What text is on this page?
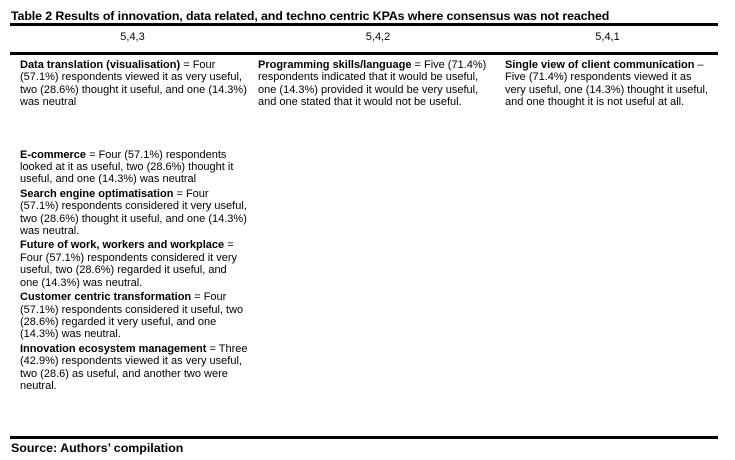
Table 2 Results of innovation, data related, and techno centric KPAs where consensus was not reached
5,4,3	5,4,2	5,4,1

Data translation (visualisation) = Four (57.1%) respondents viewed it as very useful, two (28.6%) thought it useful, and one (14.3%) was neutral

E-commerce = Four (57.1%) respondents looked at it as useful, two (28.6%) thought it useful, and one (14.3%) was neutral

Search engine optimatisation = Four (57.1%) respondents considered it very useful, two (28.6%) thought it useful, and one (14.3%) was neutral.

Future of work, workers and workplace = Four (57.1%) respondents considered it very useful, two (28.6%) regarded it useful, and one (14.3%) was neutral.

Customer centric transformation = Four (57.1%) respondents considered it useful, two (28.6%) regarded it very useful, and one (14.3%) was neutral.

Innovation ecosystem management = Three (42.9%) respondents viewed it as very useful, two (28.6) as useful, and another two were neutral.

Programming skills/language = Five (71.4%) respondents indicated that it would be useful, one (14.3%) provided it would be very useful, and one stated that it would not be useful.

Single view of client communication – Five (71.4%) respondents viewed it as very useful, one (14.3%) thought it useful, and one thought it is not useful at all.

Source: Authors’ compilation
